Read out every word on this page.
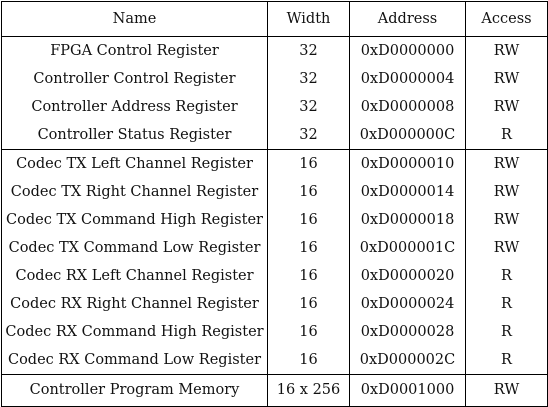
Name	Width	Address	Access
FPGA Control Register	32	0xD0000000	RW
Controller Control Register	32	0xD0000004	RW
Controller Address Register	32	0xD0000008	RW
Controller Status Register	32	0xD000000C	R
Codec TX Left Channel Register	16	0xD0000010	RW
Codec TX Right Channel Register	16	0xD0000014	RW
Codec TX Command High Register	16	0xD0000018	RW
Codec TX Command Low Register	16	0xD000001C	RW
Codec RX Left Channel Register	16	0xD0000020	R
Codec RX Right Channel Register	16	0xD0000024	R
Codec RX Command High Register	16	0xD0000028	R
Codec RX Command Low Register	16	0xD000002C	R
Controller Program Memory	16 x 256	0xD0001000	RW
